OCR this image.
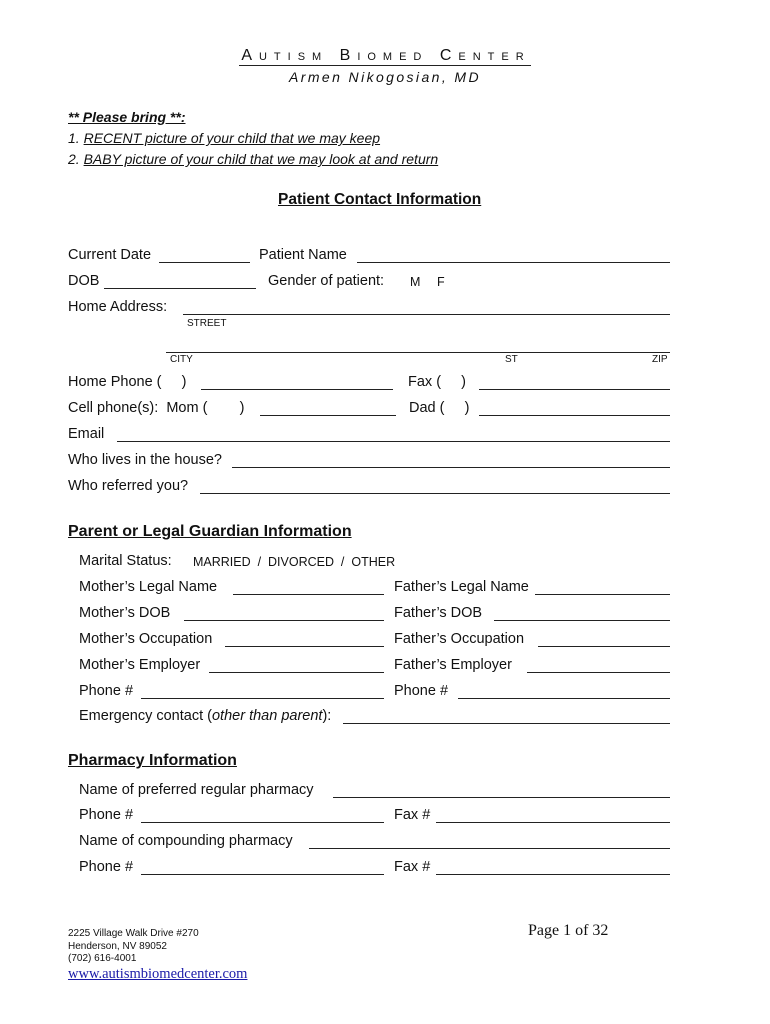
Autism Biomed Center
Armen Nikogosian, MD
** Please bring **:
1. RECENT picture of your child that we may keep
2. BABY picture of your child that we may look at and return
Patient Contact Information
Current Date	Patient Name
DOB	Gender of patient: M F
Home Address:
STREET
CITY	ST	ZIP
Home Phone (     )	Fax (     )
Cell phone(s):  Mom (        )	Dad (     )
Email
Who lives in the house?
Who referred you?
Parent or Legal Guardian Information
Marital Status: MARRIED  /  DIVORCED  /  OTHER
Mother’s Legal Name	Father’s Legal Name
Mother’s DOB	Father’s DOB
Mother’s Occupation	Father’s Occupation
Mother’s Employer	Father’s Employer
Phone #	Phone #
Emergency contact (other than parent):
Pharmacy Information
Name of preferred regular pharmacy
Phone #	Fax #
Name of compounding pharmacy
Phone #	Fax #
2225 Village Walk Drive #270
Henderson, NV 89052
(702) 616-4001
Page 1 of 32
www.autismbiomedcenter.com
